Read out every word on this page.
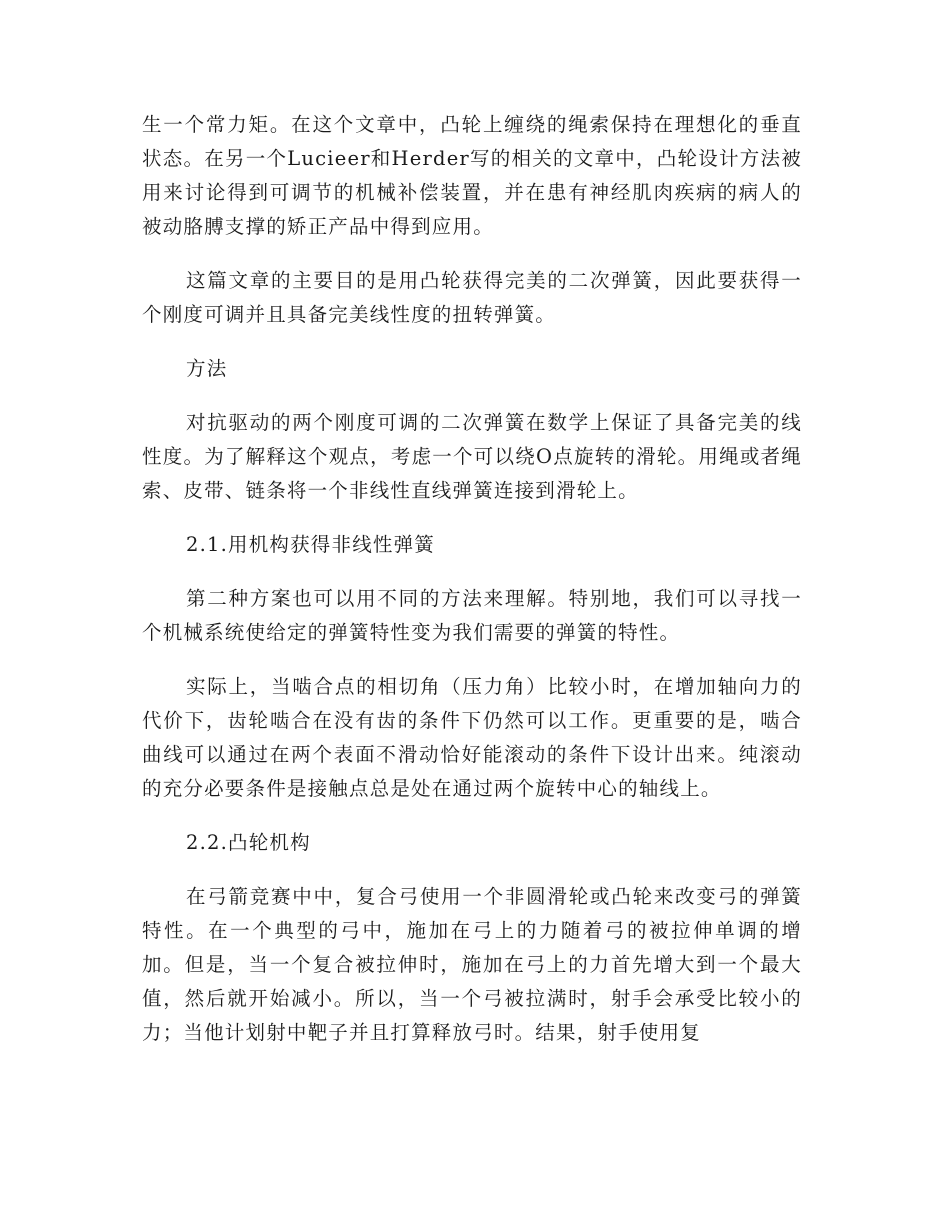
生一个常力矩。在这个文章中，凸轮上缠绕的绳索保持在理想化的垂直状态。在另一个Lucieer和Herder写的相关的文章中，凸轮设计方法被用来讨论得到可调节的机械补偿装置，并在患有神经肌肉疾病的病人的被动胳膊支撑的矫正产品中得到应用。

这篇文章的主要目的是用凸轮获得完美的二次弹簧，因此要获得一个刚度可调并且具备完美线性度的扭转弹簧。

方法

对抗驱动的两个刚度可调的二次弹簧在数学上保证了具备完美的线性度。为了解释这个观点，考虑一个可以绕O点旋转的滑轮。用绳或者绳索、皮带、链条将一个非线性直线弹簧连接到滑轮上。

2.1.用机构获得非线性弹簧

第二种方案也可以用不同的方法来理解。特别地，我们可以寻找一个机械系统使给定的弹簧特性变为我们需要的弹簧的特性。

实际上，当啮合点的相切角（压力角）比较小时，在增加轴向力的代价下，齿轮啮合在没有齿的条件下仍然可以工作。更重要的是，啮合曲线可以通过在两个表面不滑动恰好能滚动的条件下设计出来。纯滚动的充分必要条件是接触点总是处在通过两个旋转中心的轴线上。

2.2.凸轮机构

在弓箭竞赛中中，复合弓使用一个非圆滑轮或凸轮来改变弓的弹簧特性。在一个典型的弓中，施加在弓上的力随着弓的被拉伸单调的增加。但是，当一个复合被拉伸时，施加在弓上的力首先增大到一个最大值，然后就开始减小。所以，当一个弓被拉满时，射手会承受比较小的力；当他计划射中靶子并且打算释放弓时。结果，射手使用复
